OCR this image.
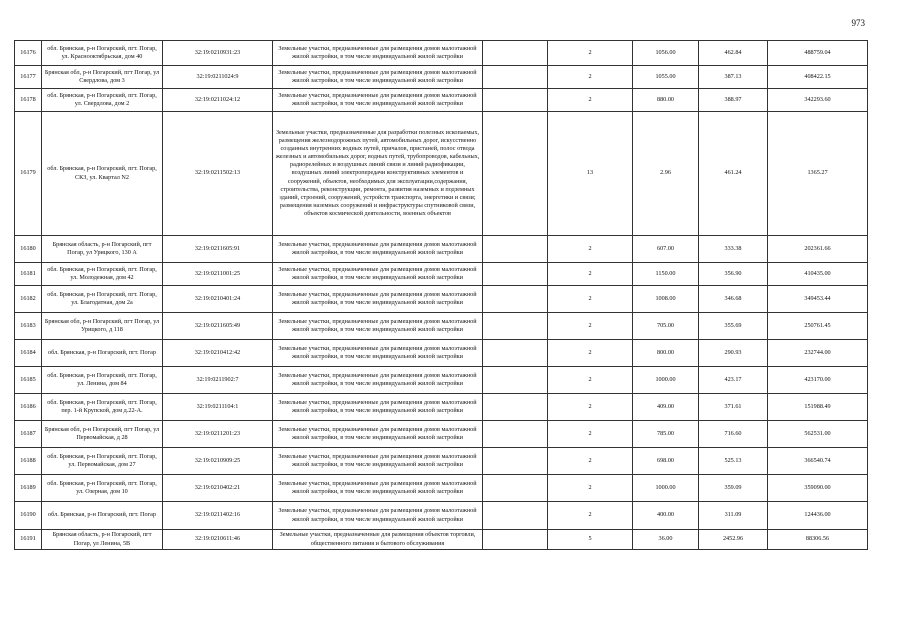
973
16176	обл. Брянская, р-н Погарский, пгт. Погар, ул. Краснооктябрьская, дом 40	32:19:0210931:23	Земельные участки, предназначенные для размещения домов малоэтажной жилой застройки, в том числе индивидуальной жилой застройки		2	1056.00	462.84	488759.04
16177	Брянская обл, р-н Погарский, пгт Погар, ул Свердлова, дом 3	32:19:0211024:9	Земельные участки, предназначенные для размещения домов малоэтажной жилой застройки, в том числе индивидуальной жилой застройки		2	1055.00	387.13	408422.15
16178	обл. Брянская, р-н Погарский, пгт. Погар, ул. Свердлова, дом 2	32:19:0211024:12	Земельные участки, предназначенные для размещения домов малоэтажной жилой застройки, в том числе индивидуальной жилой застройки		2	880.00	388.97	342293.60
16179	обл. Брянская, р-н Погарский, пгт. Погар, СКЗ, ул. Квартал N2	32:19:0211502:13	Земельные участки, предназначенные для разработки полезных ископаемых, размещения железнодорожных путей, автомобильных дорог, искусственно созданных внутренних водных путей, причалов, пристаней, полос отвода железных и автомобильных дорог, водных путей, трубопроводов, кабельных, радиорелейных и воздушных линий связи и линий радиофикации, воздушных линий электропередачи конструктивных элементов и сооружений, объектов, необходимых для эксплуатации,содержания, строительства, реконструкции, ремонта, развития наземных и подземных зданий, строений, сооружений, устройств транспорта, энергетики и связи; размещения наземных сооружений и инфраструктуры спутниковой связи, объектов космической деятельности, военных объектов		13	2.96	461.24	1365.27
16180	Брянская область, р-н Погарский, пгт Погар, ул Урицкого, 130 А	32:19:0211605:91	Земельные участки, предназначенные для размещения домов малоэтажной жилой застройки, в том числе индивидуальной жилой застройки		2	607.00	333.38	202361.66
16181	обл. Брянская, р-н Погарский, пгт. Погар, ул. Молодежная, дом 42	32:19:0211001:25	Земельные участки, предназначенные для размещения домов малоэтажной жилой застройки, в том числе индивидуальной жилой застройки		2	1150.00	356.90	410435.00
16182	обл. Брянская, р-н Погарский, пгт. Погар, ул. Благодатная, дом 2а	32:19:0210401:24	Земельные участки, предназначенные для размещения домов малоэтажной жилой застройки, в том числе индивидуальной жилой застройки		2	1008.00	346.68	349453.44
16183	Брянская обл, р-н Погарский, пгт Погар, ул Урицкого, д 118	32:19:0211605:49	Земельные участки, предназначенные для размещения домов малоэтажной жилой застройки, в том числе индивидуальной жилой застройки		2	705.00	355.69	250761.45
16184	обл. Брянская, р-н Погарский, пгт. Погар	32:19:0210412:42	Земельные участки, предназначенные для размещения домов малоэтажной жилой застройки, в том числе индивидуальной жилой застройки		2	800.00	290.93	232744.00
16185	обл. Брянская, р-н Погарский, пгт. Погар, ул. Ленина, дом 84	32:19:0211902:7	Земельные участки, предназначенные для размещения домов малоэтажной жилой застройки, в том числе индивидуальной жилой застройки		2	1000.00	423.17	423170.00
16186	обл. Брянская, р-н Погарский, пгт. Погар, пер. 1-й Крупской, дом д.22-А.	32:19:0211104:1	Земельные участки, предназначенные для размещения домов малоэтажной жилой застройки, в том числе индивидуальной жилой застройки		2	409.00	371.61	151988.49
16187	Брянская обл, р-н Погарский, пгт Погар, ул Первомайская, д 28	32:19:0211201:23	Земельные участки, предназначенные для размещения домов малоэтажной жилой застройки, в том числе индивидуальной жилой застройки		2	785.00	716.60	562531.00
16188	обл. Брянская, р-н Погарский, пгт. Погар, ул. Первомайская, дом 27	32:19:0210909:25	Земельные участки, предназначенные для размещения домов малоэтажной жилой застройки, в том числе индивидуальной жилой застройки		2	698.00	525.13	366540.74
16189	обл. Брянская, р-н Погарский, пгт. Погар, ул. Озерная, дом 10	32:19:0210402:21	Земельные участки, предназначенные для размещения домов малоэтажной жилой застройки, в том числе индивидуальной жилой застройки		2	1000.00	359.09	359090.00
16190	обл. Брянская, р-н Погарский, пгт. Погар	32:19:0211402:16	Земельные участки, предназначенные для размещения домов малоэтажной жилой застройки, в том числе индивидуальной жилой застройки		2	400.00	311.09	124436.00
16191	Брянская область, р-н Погарский, пгт Погар, ул Ленина, 5В	32:19:0210611:46	Земельные участки, предназначенные для размещения объектов торговли, общественного питания и бытового обслуживания		5	36.00	2452.96	88306.56
